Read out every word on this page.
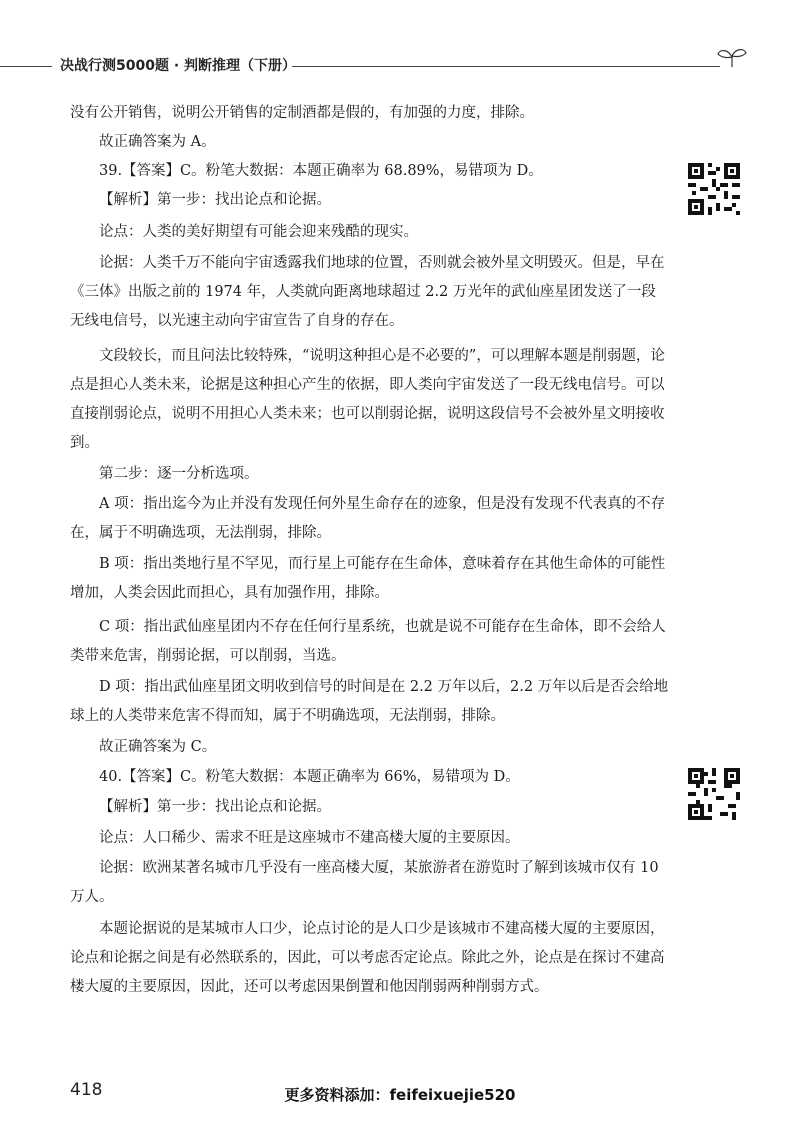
决战行测5000题 · 判断推理（下册）

没有公开销售，说明公开销售的定制酒都是假的，有加强的力度，排除。

故正确答案为 A。

39.【答案】C。粉笔大数据：本题正确率为 68.89%，易错项为 D。

【解析】第一步：找出论点和论据。

论点：人类的美好期望有可能会迎来残酷的现实。

论据：人类千万不能向宇宙透露我们地球的位置，否则就会被外星文明毁灭。但是，早在《三体》出版之前的 1974 年，人类就向距离地球超过 2.2 万光年的武仙座星团发送了一段无线电信号，以光速主动向宇宙宣告了自身的存在。

文段较长，而且问法比较特殊，“说明这种担心是不必要的”，可以理解本题是削弱题，论点是担心人类未来，论据是这种担心产生的依据，即人类向宇宙发送了一段无线电信号。可以直接削弱论点，说明不用担心人类未来；也可以削弱论据，说明这段信号不会被外星文明接收到。

第二步：逐一分析选项。

A 项：指出迄今为止并没有发现任何外星生命存在的迹象，但是没有发现不代表真的不存在，属于不明确选项，无法削弱，排除。

B 项：指出类地行星不罕见，而行星上可能存在生命体，意味着存在其他生命体的可能性增加，人类会因此而担心，具有加强作用，排除。

C 项：指出武仙座星团内不存在任何行星系统，也就是说不可能存在生命体，即不会给人类带来危害，削弱论据，可以削弱，当选。

D 项：指出武仙座星团文明收到信号的时间是在 2.2 万年以后，2.2 万年以后是否会给地球上的人类带来危害不得而知，属于不明确选项，无法削弱，排除。

故正确答案为 C。

40.【答案】C。粉笔大数据：本题正确率为 66%，易错项为 D。

【解析】第一步：找出论点和论据。

论点：人口稀少、需求不旺是这座城市不建高楼大厦的主要原因。

论据：欧洲某著名城市几乎没有一座高楼大厦，某旅游者在游览时了解到该城市仅有 10 万人。

本题论据说的是某城市人口少，论点讨论的是人口少是该城市不建高楼大厦的主要原因，论点和论据之间是有必然联系的，因此，可以考虑否定论点。除此之外，论点是在探讨不建高楼大厦的主要原因，因此，还可以考虑因果倒置和他因削弱两种削弱方式。

418	更多资料添加：feifeixuejie520
